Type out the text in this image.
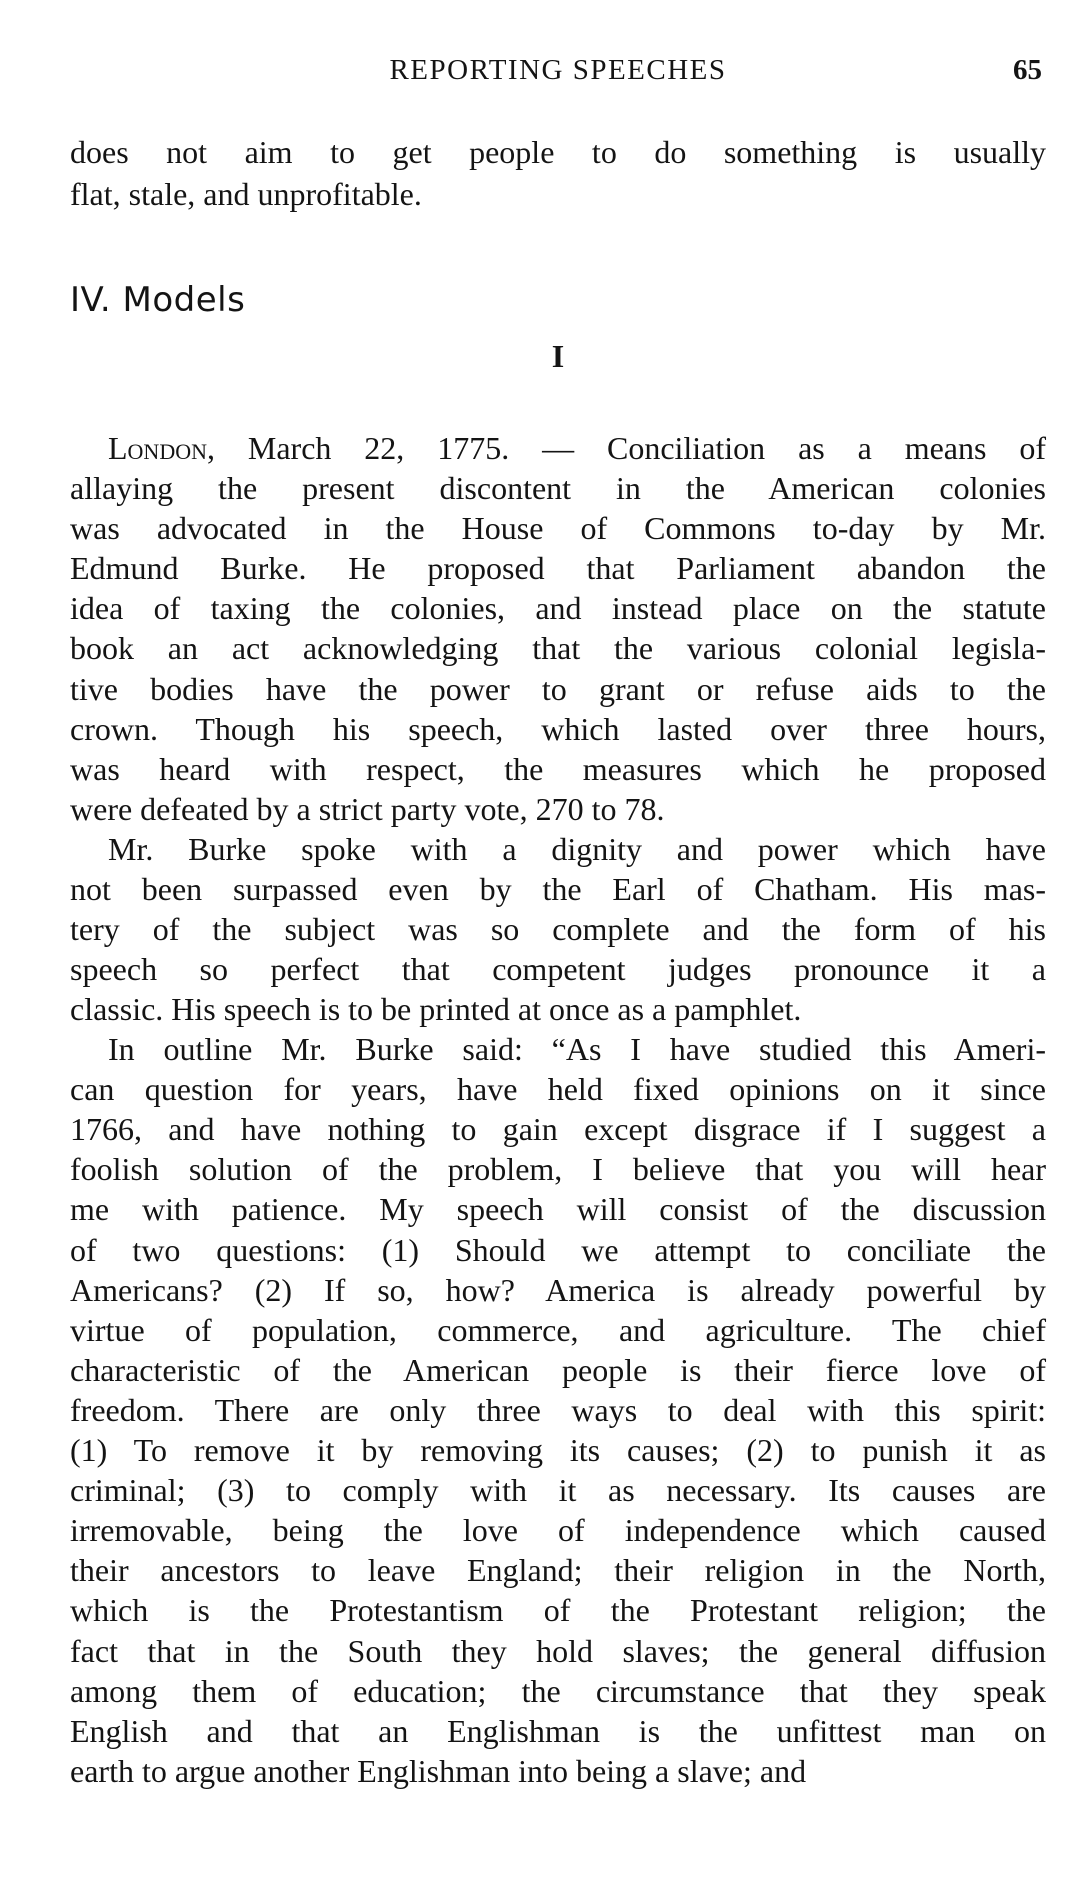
REPORTING SPEECHES	65
does not aim to get people to do something is usually
flat, stale, and unprofitable.
IV. Models
I
London, March 22, 1775. — Conciliation as a means of
allaying the present discontent in the American colonies
was advocated in the House of Commons to-day by Mr.
Edmund Burke. He proposed that Parliament abandon the
idea of taxing the colonies, and instead place on the statute
book an act acknowledging that the various colonial legisla-
tive bodies have the power to grant or refuse aids to the
crown. Though his speech, which lasted over three hours,
was heard with respect, the measures which he proposed
were defeated by a strict party vote, 270 to 78.
Mr. Burke spoke with a dignity and power which have
not been surpassed even by the Earl of Chatham. His mas-
tery of the subject was so complete and the form of his
speech so perfect that competent judges pronounce it a
classic. His speech is to be printed at once as a pamphlet.
In outline Mr. Burke said: “As I have studied this Ameri-
can question for years, have held fixed opinions on it since
1766, and have nothing to gain except disgrace if I suggest a
foolish solution of the problem, I believe that you will hear
me with patience. My speech will consist of the discussion
of two questions: (1) Should we attempt to conciliate the
Americans? (2) If so, how? America is already powerful by
virtue of population, commerce, and agriculture. The chief
characteristic of the American people is their fierce love of
freedom. There are only three ways to deal with this spirit:
(1) To remove it by removing its causes; (2) to punish it as
criminal; (3) to comply with it as necessary. Its causes are
irremovable, being the love of independence which caused
their ancestors to leave England; their religion in the North,
which is the Protestantism of the Protestant religion; the
fact that in the South they hold slaves; the general diffusion
among them of education; the circumstance that they speak
English and that an Englishman is the unfittest man on
earth to argue another Englishman into being a slave; and
